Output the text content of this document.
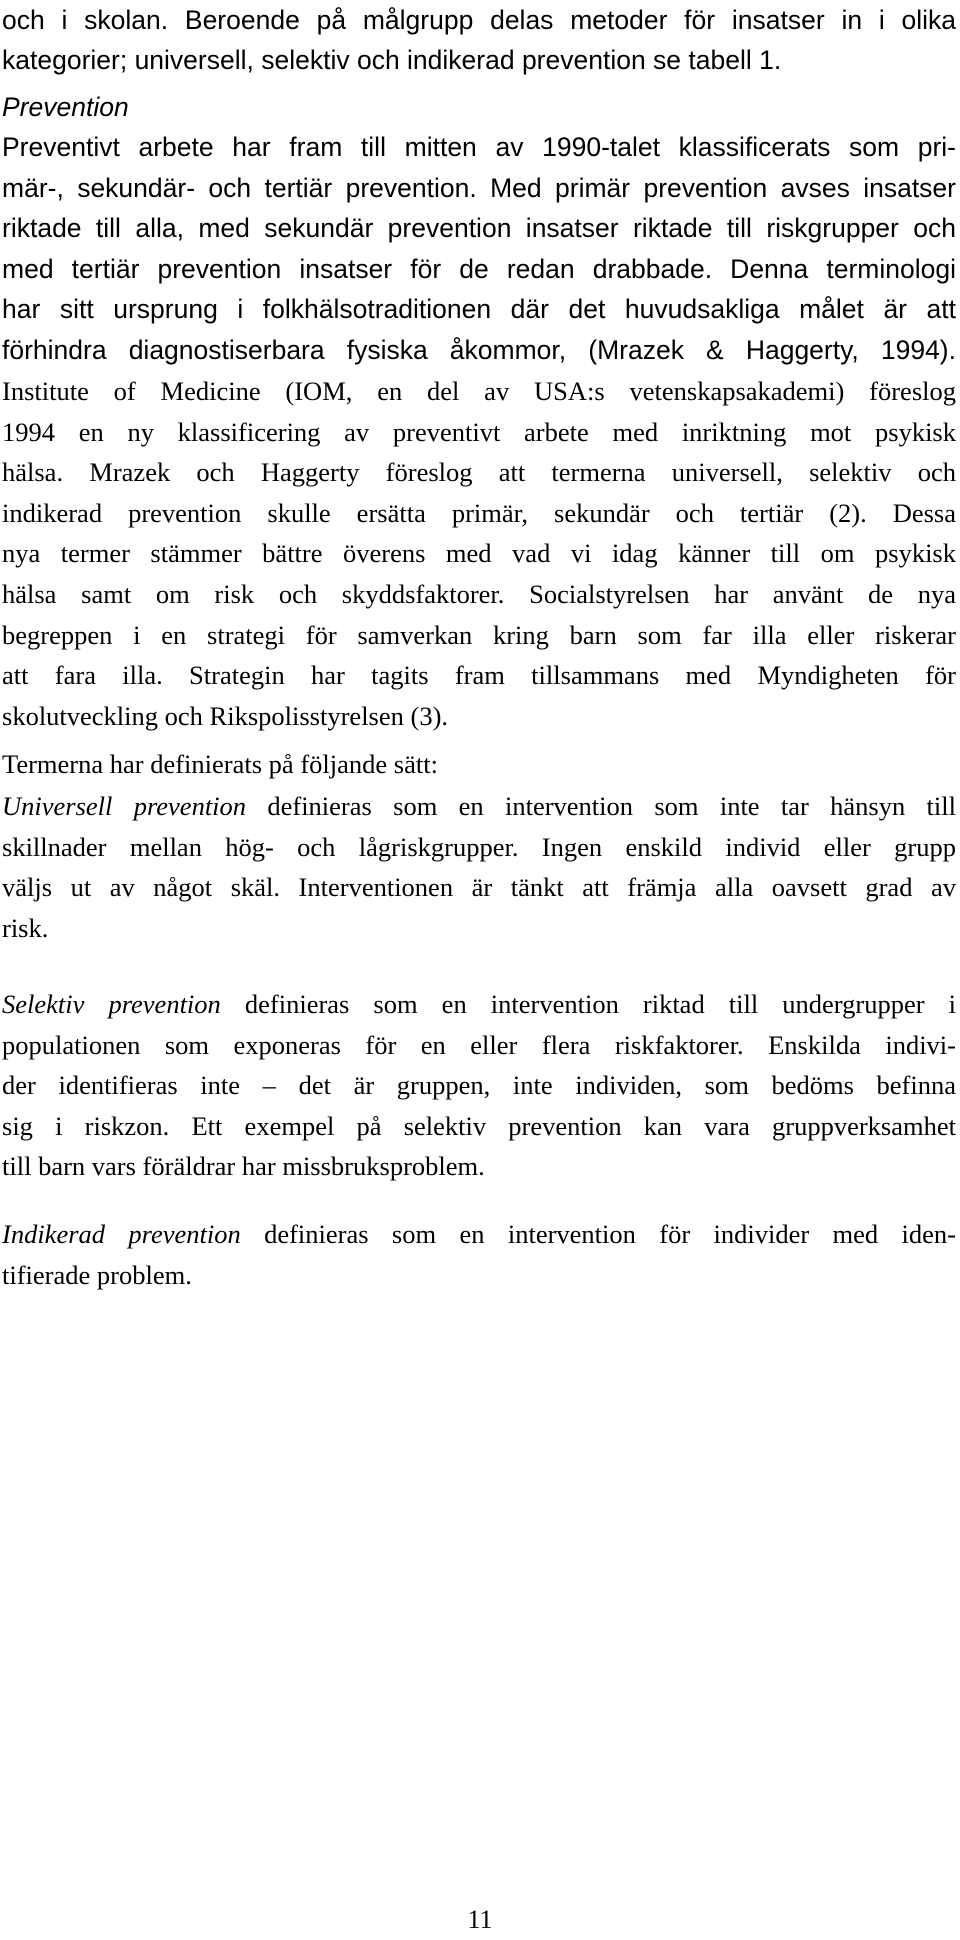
och i skolan. Beroende på målgrupp delas metoder för insatser in i olika
kategorier; universell, selektiv och indikerad prevention se tabell 1.

Prevention

Preventivt arbete har fram till mitten av 1990-talet klassificerats som pri-
mär-, sekundär- och tertiär prevention. Med primär prevention avses insatser
riktade till alla, med sekundär prevention insatser riktade till riskgrupper och
med tertiär prevention insatser för de redan drabbade. Denna terminologi
har sitt ursprung i folkhälsotraditionen där det huvudsakliga målet är att
förhindra diagnostiserbara fysiska åkommor, (Mrazek & Haggerty, 1994).

Institute of Medicine (IOM, en del av USA:s vetenskapsakademi) föreslog
1994 en ny klassificering av preventivt arbete med inriktning mot psykisk
hälsa. Mrazek och Haggerty föreslog att termerna universell, selektiv och
indikerad prevention skulle ersätta primär, sekundär och tertiär (2). Dessa
nya termer stämmer bättre överens med vad vi idag känner till om psykisk
hälsa samt om risk och skyddsfaktorer. Socialstyrelsen har använt de nya
begreppen i en strategi för samverkan kring barn som far illa eller riskerar
att fara illa. Strategin har tagits fram tillsammans med Myndigheten för
skolutveckling och Rikspolisstyrelsen (3).

Termerna har definierats på följande sätt:

Universell prevention definieras som en intervention som inte tar hänsyn till
skillnader mellan hög- och lågriskgrupper. Ingen enskild individ eller grupp
väljs ut av något skäl. Interventionen är tänkt att främja alla oavsett grad av
risk.

Selektiv prevention definieras som en intervention riktad till undergrupper i
populationen som exponeras för en eller flera riskfaktorer. Enskilda indivi-
der identifieras inte – det är gruppen, inte individen, som bedöms befinna
sig i riskzon. Ett exempel på selektiv prevention kan vara gruppverksamhet
till barn vars föräldrar har missbruksproblem.

Indikerad prevention definieras som en intervention för individer med iden-
tifierade problem.

11
